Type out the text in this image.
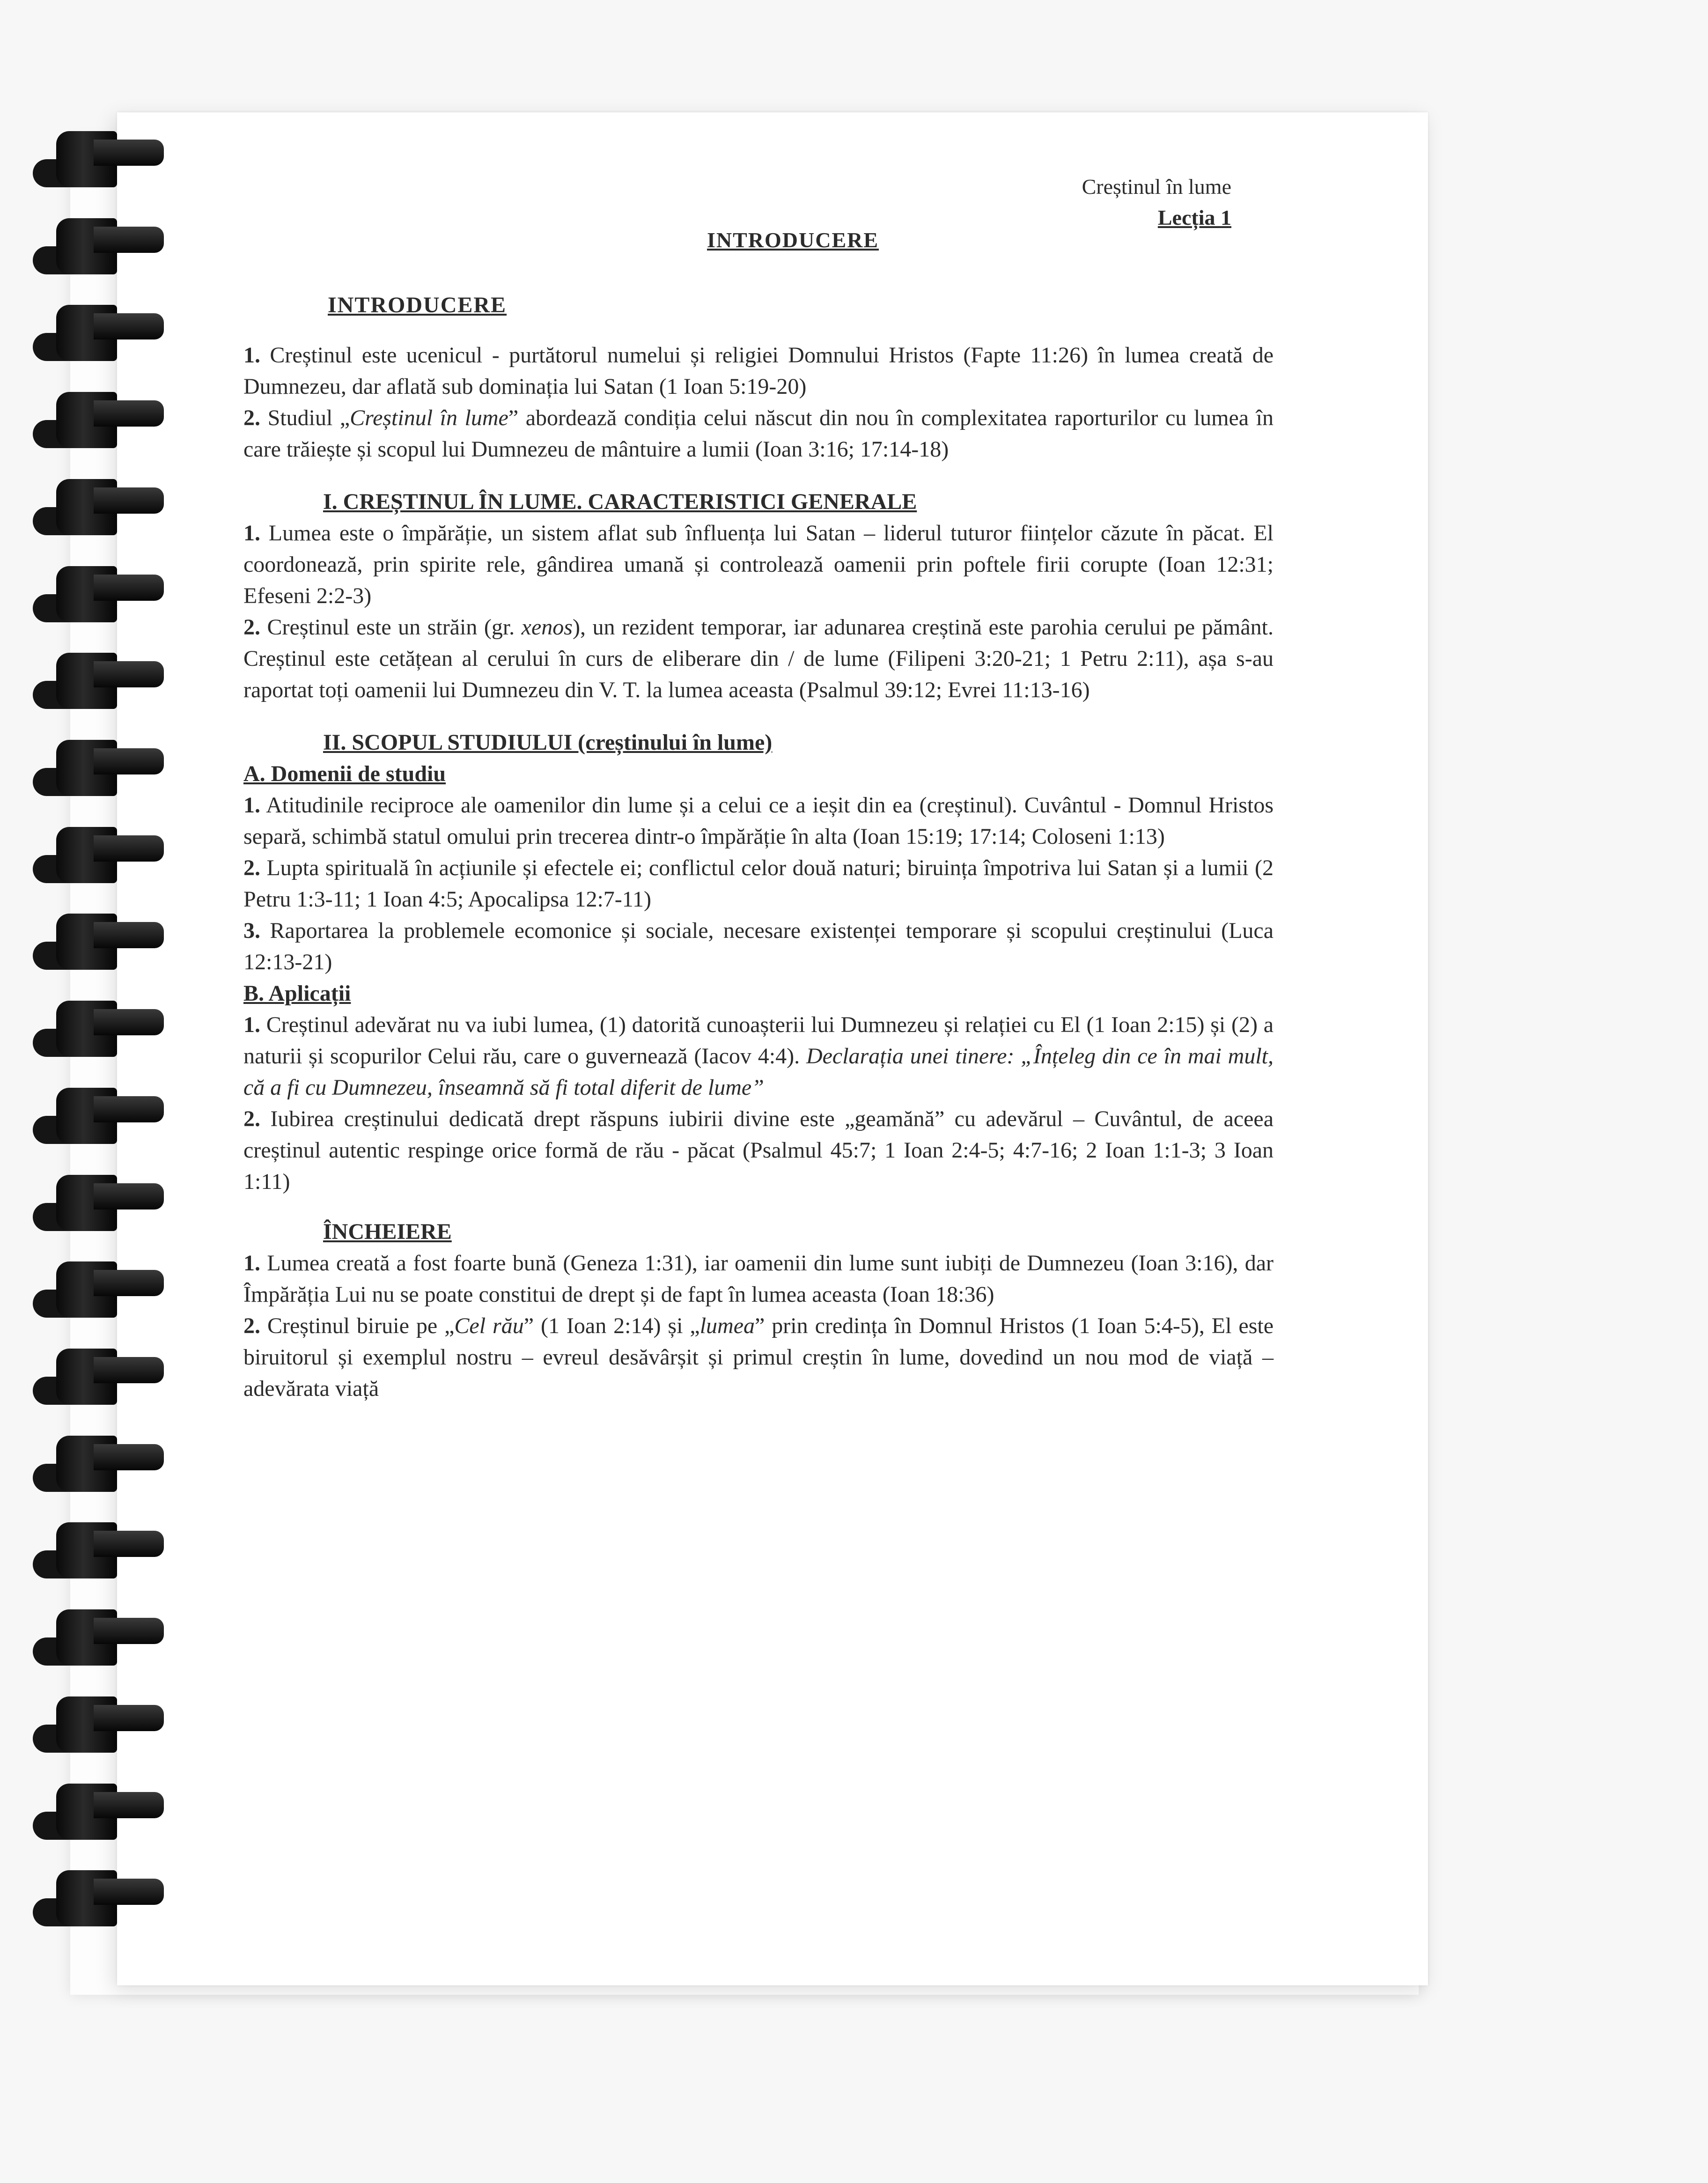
Creștinul în lume
Lecția 1
INTRODUCERE

INTRODUCERE

1. Creștinul este ucenicul - purtătorul numelui și religiei Domnului Hristos (Fapte 11:26) în lumea creată de Dumnezeu, dar aflată sub dominația lui Satan (1 Ioan 5:19-20)

2. Studiul „Creștinul în lume” abordează condiția celui născut din nou în complexitatea raporturilor cu lumea în care trăiește și scopul lui Dumnezeu de mântuire a lumii (Ioan 3:16; 17:14-18)

I. CREȘTINUL ÎN LUME. CARACTERISTICI GENERALE

1. Lumea este o împărăție, un sistem aflat sub înfluența lui Satan – liderul tuturor ființelor căzute în păcat. El coordonează, prin spirite rele, gândirea umană și controlează oamenii prin poftele firii corupte (Ioan 12:31; Efeseni 2:2-3)

2. Creștinul este un străin (gr. xenos), un rezident temporar, iar adunarea creștină este parohia cerului pe pământ. Creștinul este cetățean al cerului în curs de eliberare din / de lume (Filipeni 3:20-21; 1 Petru 2:11), așa s-au raportat toți oamenii lui Dumnezeu din V. T. la lumea aceasta (Psalmul 39:12; Evrei 11:13-16)

II. SCOPUL STUDIULUI (creștinului în lume)

A. Domenii de studiu

1. Atitudinile reciproce ale oamenilor din lume și a celui ce a ieșit din ea (creștinul). Cuvântul - Domnul Hristos separă, schimbă statul omului prin trecerea dintr-o împărăție în alta (Ioan 15:19; 17:14; Coloseni 1:13)

2. Lupta spirituală în acțiunile și efectele ei; conflictul celor două naturi; biruința împotriva lui Satan și a lumii (2 Petru 1:3-11; 1 Ioan 4:5; Apocalipsa 12:7-11)

3. Raportarea la problemele ecomonice și sociale, necesare existenței temporare și scopului creștinului (Luca 12:13-21)

B. Aplicații

1. Creștinul adevărat nu va iubi lumea, (1) datorită cunoașterii lui Dumnezeu și relației cu El (1 Ioan 2:15) și (2) a naturii și scopurilor Celui rău, care o guvernează (Iacov 4:4). Declarația unei tinere: „Înțeleg din ce în mai mult, că a fi cu Dumnezeu, înseamnă să fi total diferit de lume”

2. Iubirea creștinului dedicată drept răspuns iubirii divine este „geamănă” cu adevărul – Cuvântul, de aceea creștinul autentic respinge orice formă de rău - păcat (Psalmul 45:7; 1 Ioan 2:4-5; 4:7-16; 2 Ioan 1:1-3; 3 Ioan 1:11)

ÎNCHEIERE

1. Lumea creată a fost foarte bună (Geneza 1:31), iar oamenii din lume sunt iubiți de Dumnezeu (Ioan 3:16), dar Împărăția Lui nu se poate constitui de drept și de fapt în lumea aceasta (Ioan 18:36)

2. Creștinul biruie pe „Cel rău” (1 Ioan 2:14) și „lumea” prin credința în Domnul Hristos (1 Ioan 5:4-5), El este biruitorul și exemplul nostru – evreul desăvârșit și primul creștin în lume, dovedind un nou mod de viață – adevărata viață
